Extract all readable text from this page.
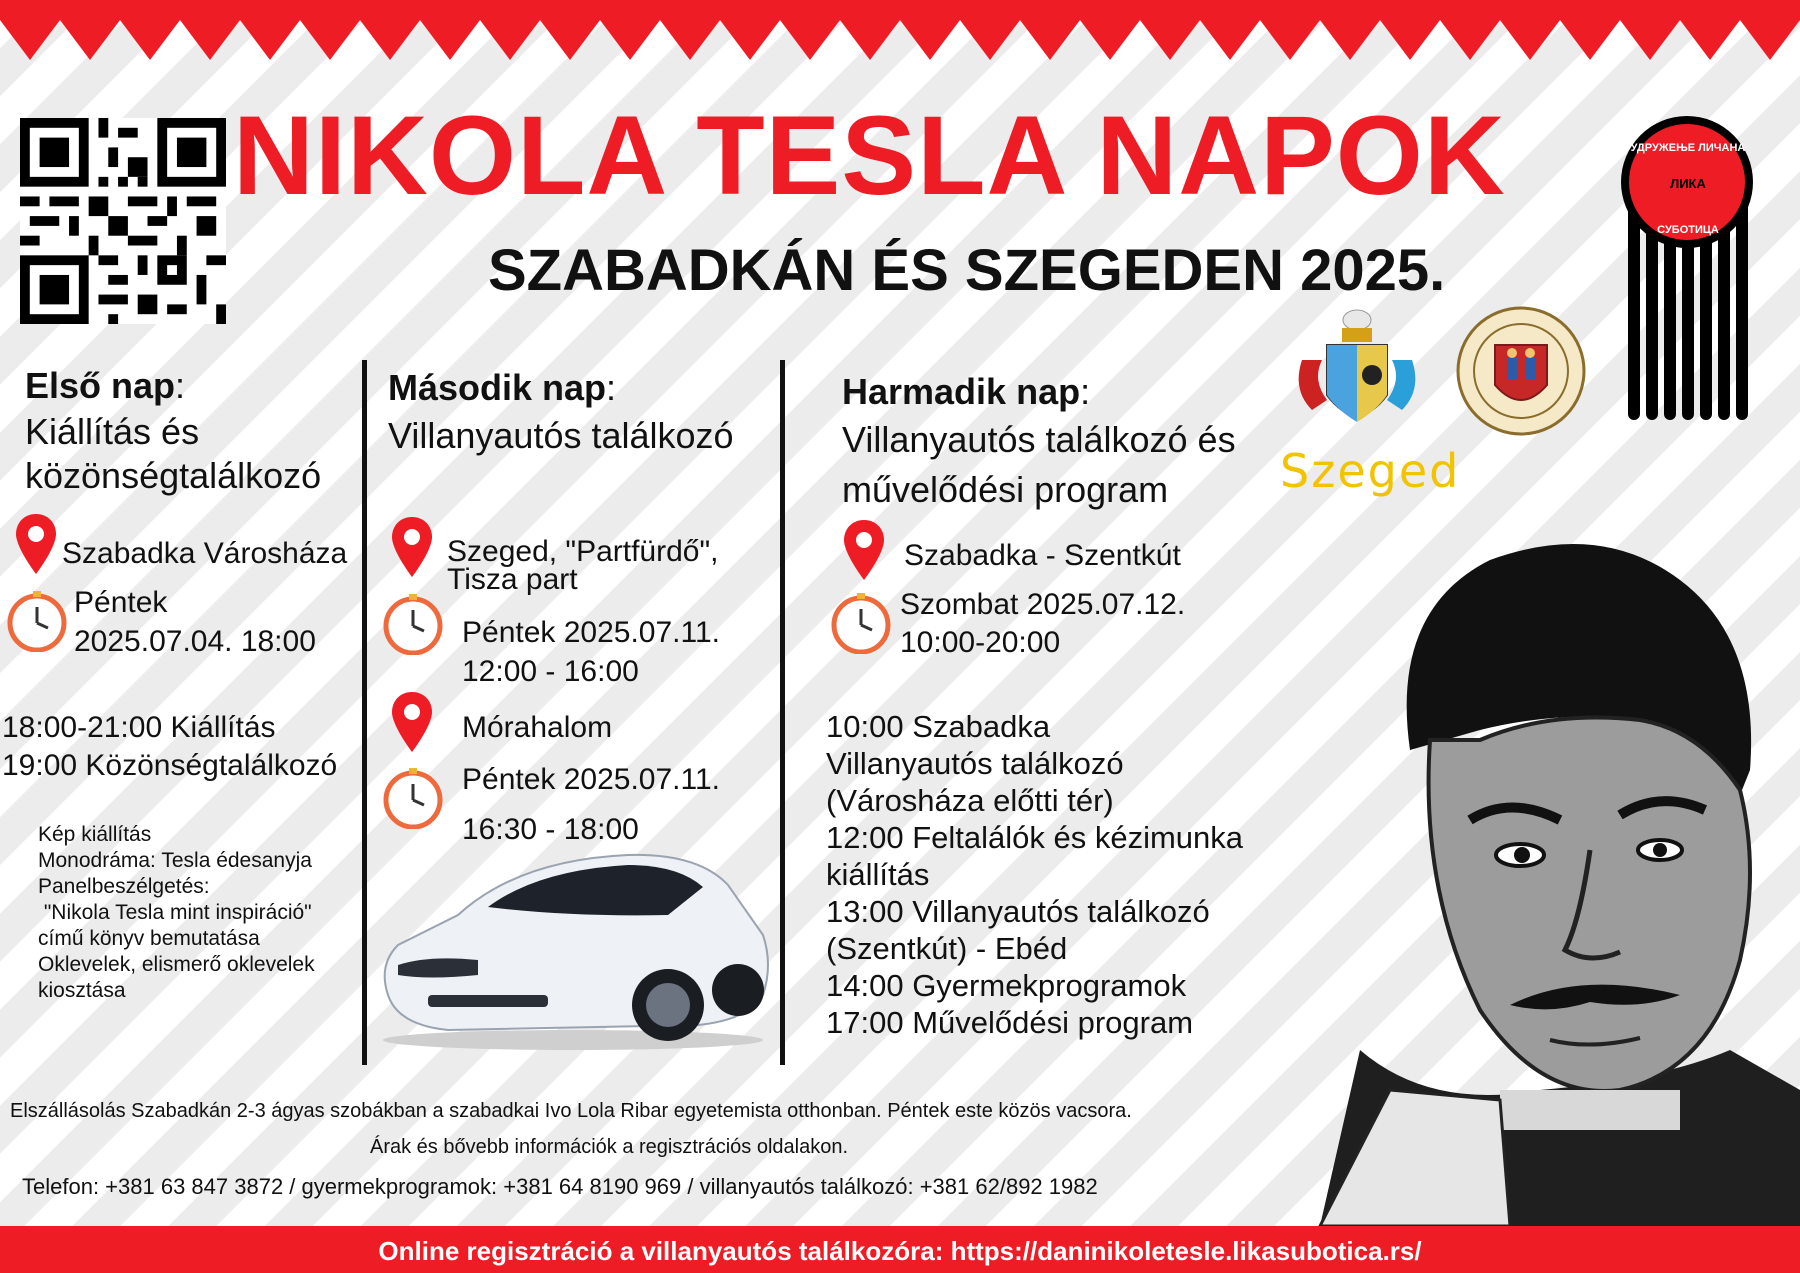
NIKOLA TESLA NAPOK
SZABADKÁN ÉS SZEGEDEN 2025.
УДРУЖЕЊЕ ЛИЧАНА
ЛИКА
СУБОТИЦА
Szeged
Első nap:
Kiállítás és közönségtalálkozó
Szabadka Városháza
Péntek
2025.07.04. 18:00
18:00-21:00 Kiállítás
19:00 Közönségtalálkozó
Kép kiállítás
Monodráma: Tesla édesanyja
Panelbeszélgetés:
"Nikola Tesla mint inspiráció"
című könyv bemutatása
Oklevelek, elismerő oklevelek
kiosztása
Második nap:
Villanyautós találkozó
Szeged, "Partfürdő",
Tisza part
Péntek 2025.07.11.
12:00 - 16:00
Mórahalom
Péntek 2025.07.11.
16:30 - 18:00
Harmadik nap:
Villanyautós találkozó és
művelődési program
Szabadka - Szentkút
Szombat 2025.07.12.
10:00-20:00
10:00 Szabadka
Villanyautós találkozó
(Városháza előtti tér)
12:00 Feltalálók és kézimunka
kiállítás
13:00 Villanyautós találkozó
(Szentkút) - Ebéd
14:00 Gyermekprogramok
17:00 Művelődési program
Elszállásolás Szabadkán 2-3 ágyas szobákban a szabadkai Ivo Lola Ribar egyetemista otthonban. Péntek este közös vacsora.
Árak és bővebb információk a regisztrációs oldalakon.
Telefon: +381 63 847 3872 / gyermekprogramok: +381 64 8190 969 / villanyautós találkozó: +381 62/892 1982
Online regisztráció a villanyautós találkozóra: https://daninikoletesle.likasubotica.rs/
